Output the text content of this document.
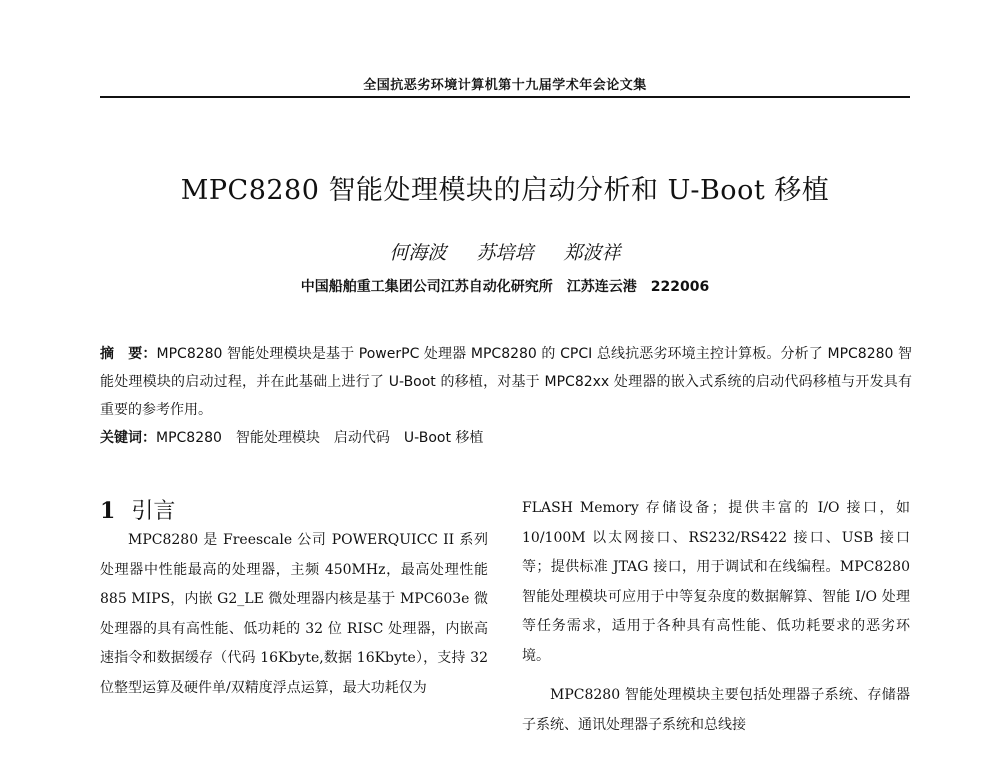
全国抗恶劣环境计算机第十九届学术年会论文集
MPC8280 智能处理模块的启动分析和 U-Boot 移植
何海波 苏培培 郑波祥
中国船舶重工集团公司江苏自动化研究所　江苏连云港　222006

摘　要：MPC8280 智能处理模块是基于 PowerPC 处理器 MPC8280 的 CPCI 总线抗恶劣环境主控计算板。分析了 MPC8280 智能处理模块的启动过程，并在此基础上进行了 U-Boot 的移植，对基于 MPC82xx 处理器的嵌入式系统的启动代码移植与开发具有重要的参考作用。

关键词：MPC8280　智能处理模块　启动代码　U-Boot 移植

1 引言

MPC8280 是 Freescale 公司 POWERQUICC II 系列处理器中性能最高的处理器，主频 450MHz，最高处理性能 885 MIPS，内嵌 G2_LE 微处理器内核是基于 MPC603e 微处理器的具有高性能、低功耗的 32 位 RISC 处理器，内嵌高速指令和数据缓存（代码 16Kbyte,数据 16Kbyte），支持 32 位整型运算及硬件单/双精度浮点运算，最大功耗仅为

FLASH Memory 存储设备；提供丰富的 I/O 接口，如 10/100M 以太网接口、RS232/RS422 接口、USB 接口等；提供标准 JTAG 接口，用于调试和在线编程。MPC8280 智能处理模块可应用于中等复杂度的数据解算、智能 I/O 处理等任务需求，适用于各种具有高性能、低功耗要求的恶劣环境。

MPC8280 智能处理模块主要包括处理器子系统、存储器子系统、通讯处理器子系统和总线接
